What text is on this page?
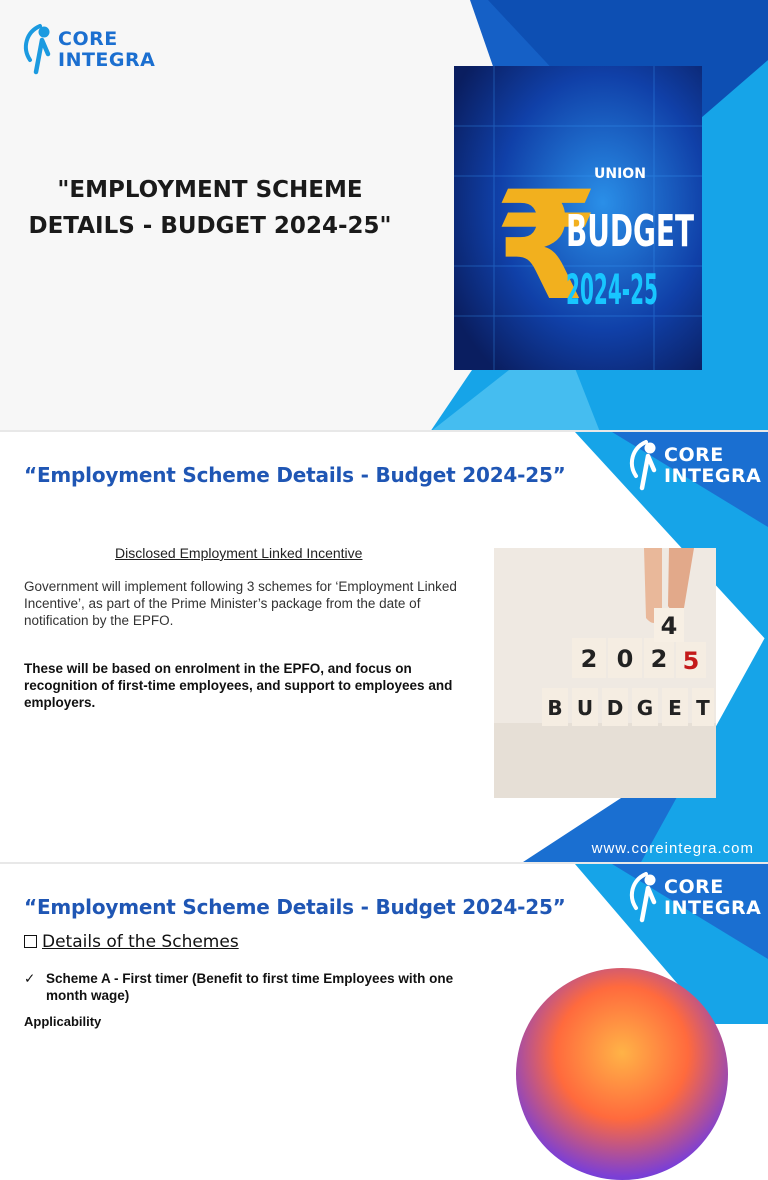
CORE
INTEGRA
"EMPLOYMENT SCHEME
DETAILS - BUDGET 2024-25" ₹
UNION
BUDGET
2024-25
“Employment Scheme Details - Budget 2024-25”
CORE
INTEGRA
Disclosed Employment Linked Incentive
Government will implement following 3 schemes for ‘Employment Linked Incentive’, as part of the Prime Minister’s package from the date of notification by the EPFO.
These will be based on enrolment in the EPFO, and focus on recognition of first-time employees, and support to employees and employers.
2 0 2
4
5
B U D G E T
www.coreintegra.com
“Employment Scheme Details - Budget 2024-25”
CORE
INTEGRA
Details of the Schemes
✓ Scheme A - First timer (Benefit to first time Employees with one month wage)
Applicability
